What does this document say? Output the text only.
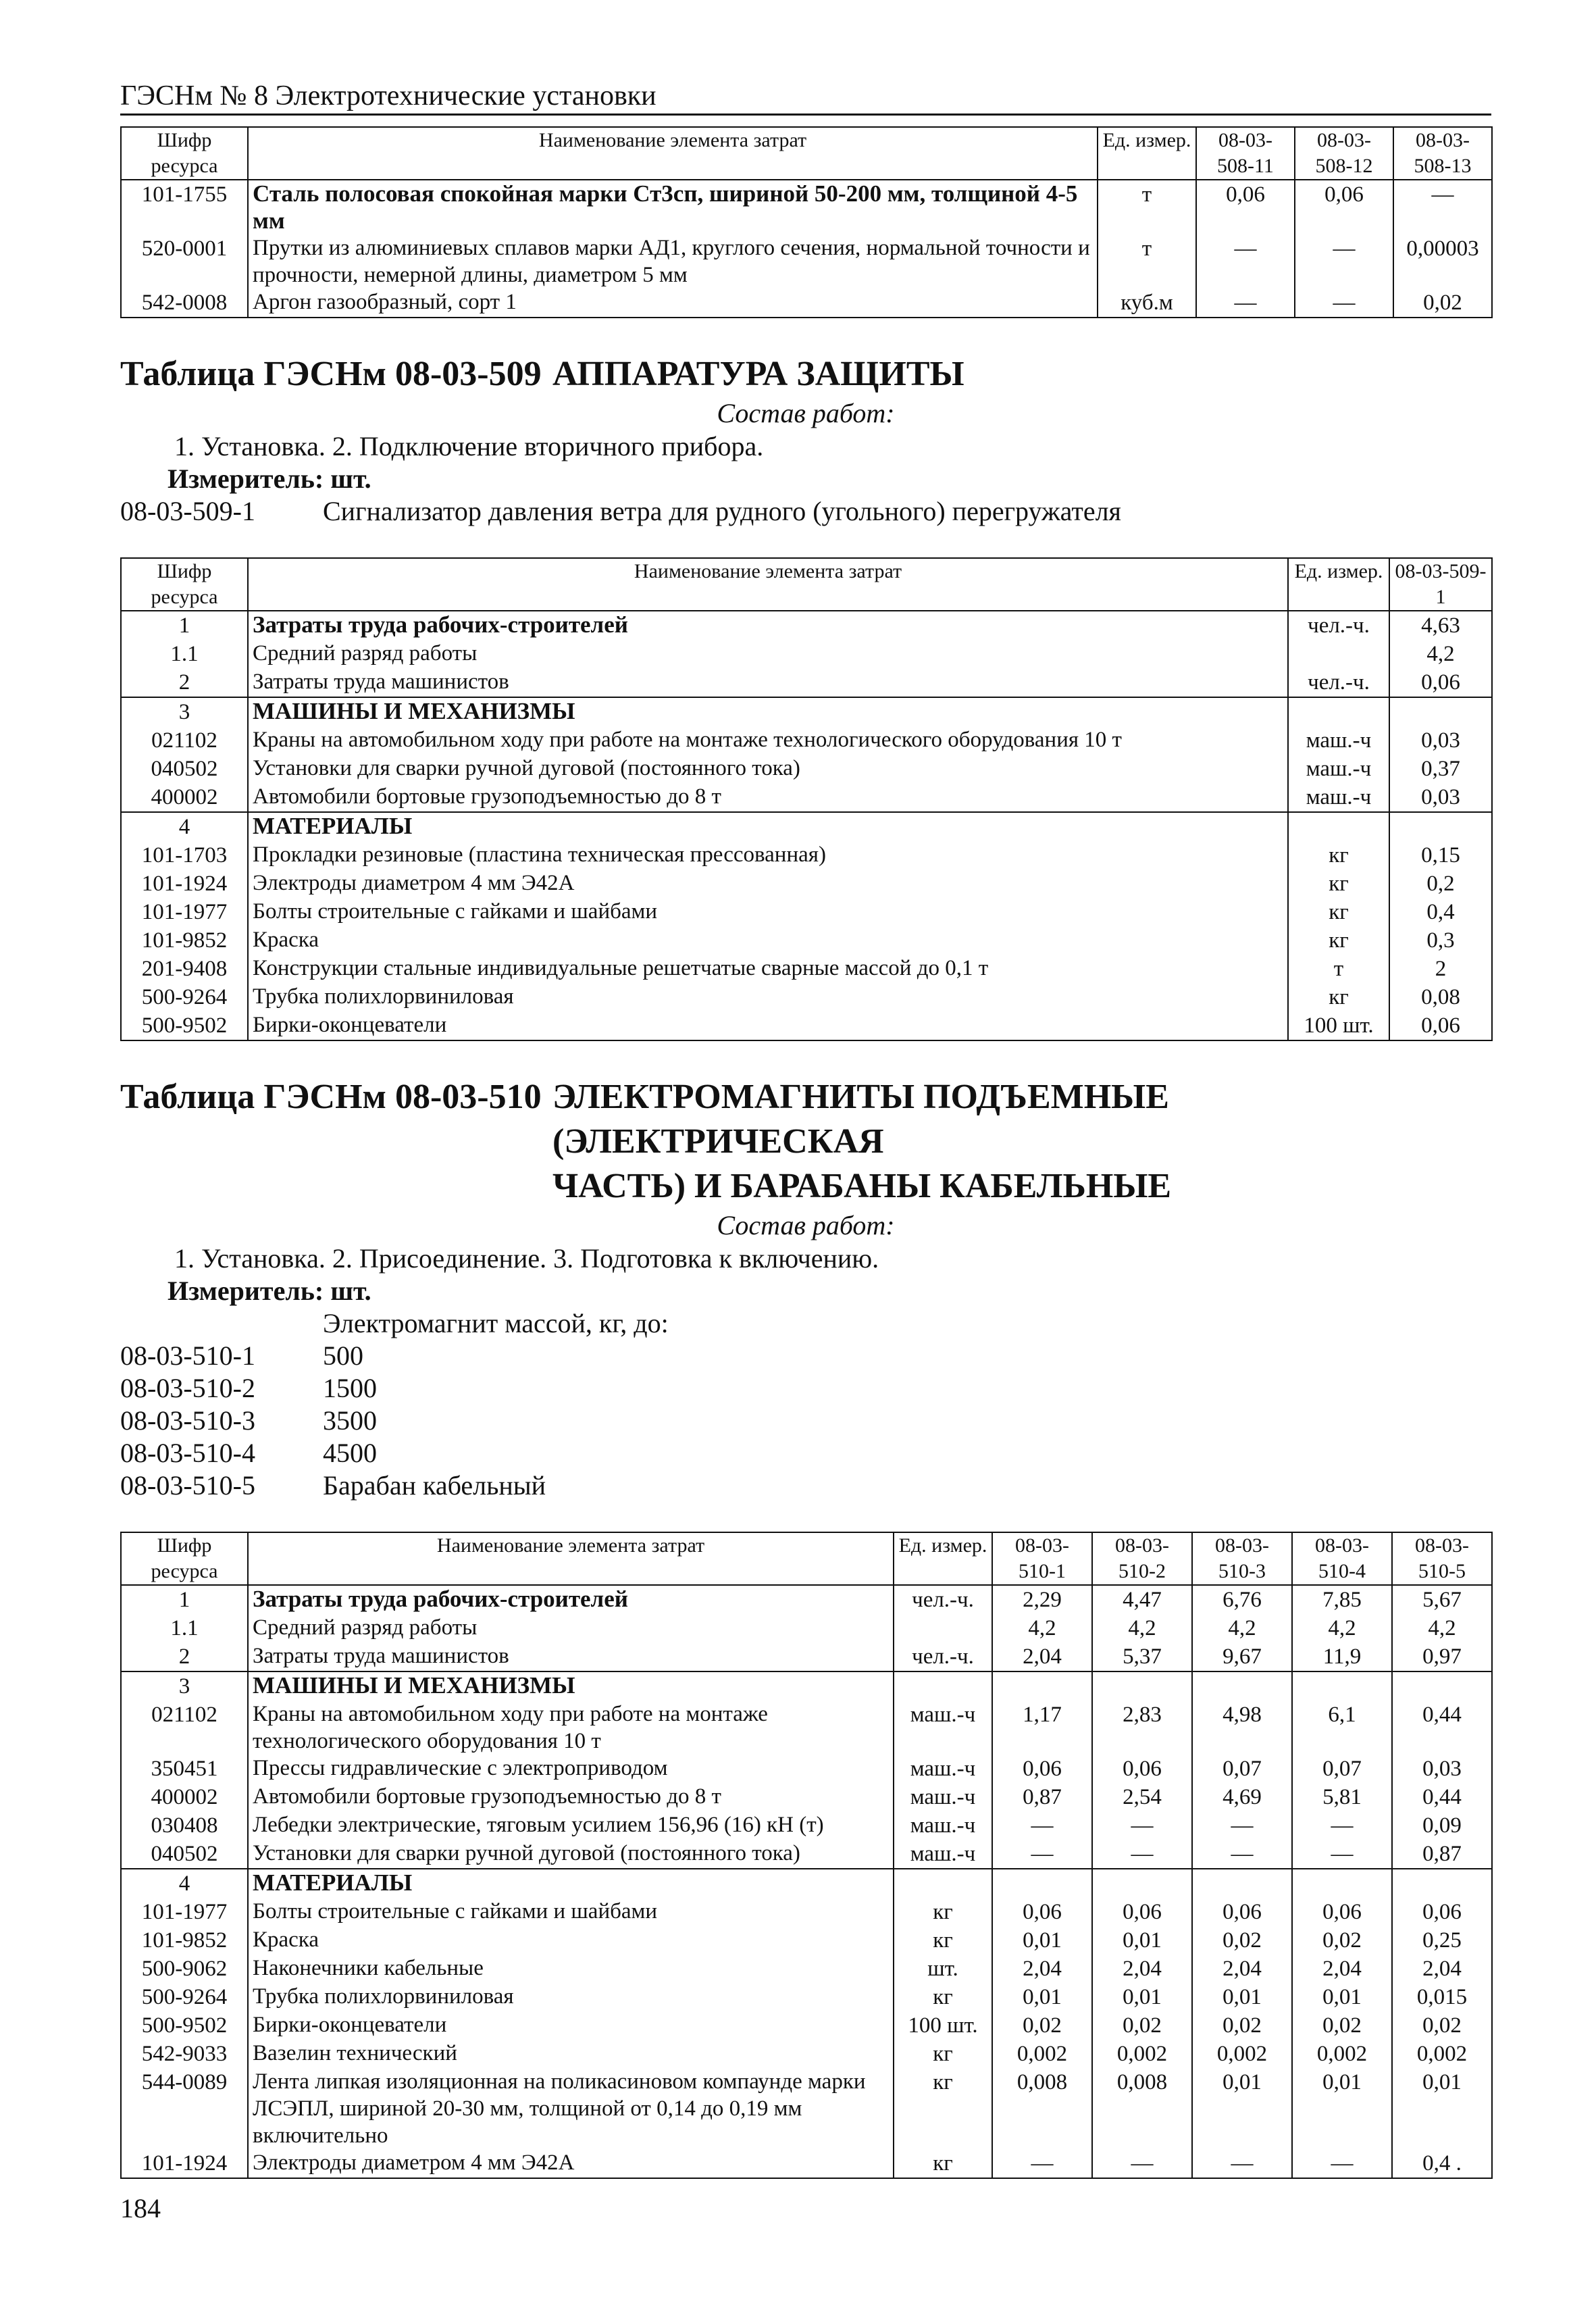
ГЭСНм № 8 Электротехнические установки
Шифр ресурса	Наименование элемента затрат	Ед. измер.	08-03-508-11	08-03-508-12	08-03-508-13
101-1755	Сталь полосовая спокойная марки Ст3сп, шириной 50-200 мм, толщиной 4-5 мм	т	0,06	0,06	—
520-0001	Прутки из алюминиевых сплавов марки АД1, круглого сечения, нормальной точности и прочности, немерной длины, диаметром 5 мм	т	—	—	0,00003
542-0008	Аргон газообразный, сорт 1	куб.м	—	—	0,02
Таблица ГЭСНм 08-03-509 АППАРАТУРА ЗАЩИТЫ
Состав работ:
1. Установка. 2. Подключение вторичного прибора.
Измеритель: шт.
08-03-509-1	Сигнализатор давления ветра для рудного (угольного) перегружателя
Шифр ресурса	Наименование элемента затрат	Ед. измер.	08-03-509-1
1	Затраты труда рабочих-строителей	чел.-ч.	4,63
1.1	Средний разряд работы		4,2
2	Затраты труда машинистов	чел.-ч.	0,06
3	МАШИНЫ И МЕХАНИЗМЫ		
021102	Краны на автомобильном ходу при работе на монтаже технологического оборудования 10 т	маш.-ч	0,03
040502	Установки для сварки ручной дуговой (постоянного тока)	маш.-ч	0,37
400002	Автомобили бортовые грузоподъемностью до 8 т	маш.-ч	0,03
4	МАТЕРИАЛЫ		
101-1703	Прокладки резиновые (пластина техническая прессованная)	кг	0,15
101-1924	Электроды диаметром 4 мм Э42А	кг	0,2
101-1977	Болты строительные с гайками и шайбами	кг	0,4
101-9852	Краска	кг	0,3
201-9408	Конструкции стальные индивидуальные решетчатые сварные массой до 0,1 т	т	2
500-9264	Трубка полихлорвиниловая	кг	0,08
500-9502	Бирки-оконцеватели	100 шт.	0,06
Таблица ГЭСНм 08-03-510 ЭЛЕКТРОМАГНИТЫ ПОДЪЕМНЫЕ (ЭЛЕКТРИЧЕСКАЯ
ЧАСТЬ) И БАРАБАНЫ КАБЕЛЬНЫЕ
Состав работ:
1. Установка. 2. Присоединение. 3. Подготовка к включению.
Измеритель: шт.
Электромагнит массой, кг, до:
08-03-510-1	500
08-03-510-2	1500
08-03-510-3	3500
08-03-510-4	4500
08-03-510-5	Барабан кабельный
Шифр ресурса	Наименование элемента затрат	Ед. измер.	08-03-510-1	08-03-510-2	08-03-510-3	08-03-510-4	08-03-510-5
1	Затраты труда рабочих-строителей	чел.-ч.	2,29	4,47	6,76	7,85	5,67
1.1	Средний разряд работы		4,2	4,2	4,2	4,2	4,2
2	Затраты труда машинистов	чел.-ч.	2,04	5,37	9,67	11,9	0,97
3	МАШИНЫ И МЕХАНИЗМЫ						
021102	Краны на автомобильном ходу при работе на монтаже технологического оборудования 10 т	маш.-ч	1,17	2,83	4,98	6,1	0,44
350451	Прессы гидравлические с электроприводом	маш.-ч	0,06	0,06	0,07	0,07	0,03
400002	Автомобили бортовые грузоподъемностью до 8 т	маш.-ч	0,87	2,54	4,69	5,81	0,44
030408	Лебедки электрические, тяговым усилием 156,96 (16) кН (т)	маш.-ч	—	—	—	—	0,09
040502	Установки для сварки ручной дуговой (постоянного тока)	маш.-ч	—	—	—	—	0,87
4	МАТЕРИАЛЫ						
101-1977	Болты строительные с гайками и шайбами	кг	0,06	0,06	0,06	0,06	0,06
101-9852	Краска	кг	0,01	0,01	0,02	0,02	0,25
500-9062	Наконечники кабельные	шт.	2,04	2,04	2,04	2,04	2,04
500-9264	Трубка полихлорвиниловая	кг	0,01	0,01	0,01	0,01	0,015
500-9502	Бирки-оконцеватели	100 шт.	0,02	0,02	0,02	0,02	0,02
542-9033	Вазелин технический	кг	0,002	0,002	0,002	0,002	0,002
544-0089	Лента липкая изоляционная на поликасиновом компаунде марки ЛСЭПЛ, шириной 20-30 мм, толщиной от 0,14 до 0,19 мм включительно	кг	0,008	0,008	0,01	0,01	0,01
101-1924	Электроды диаметром 4 мм Э42А	кг	—	—	—	—	0,4 .
184
